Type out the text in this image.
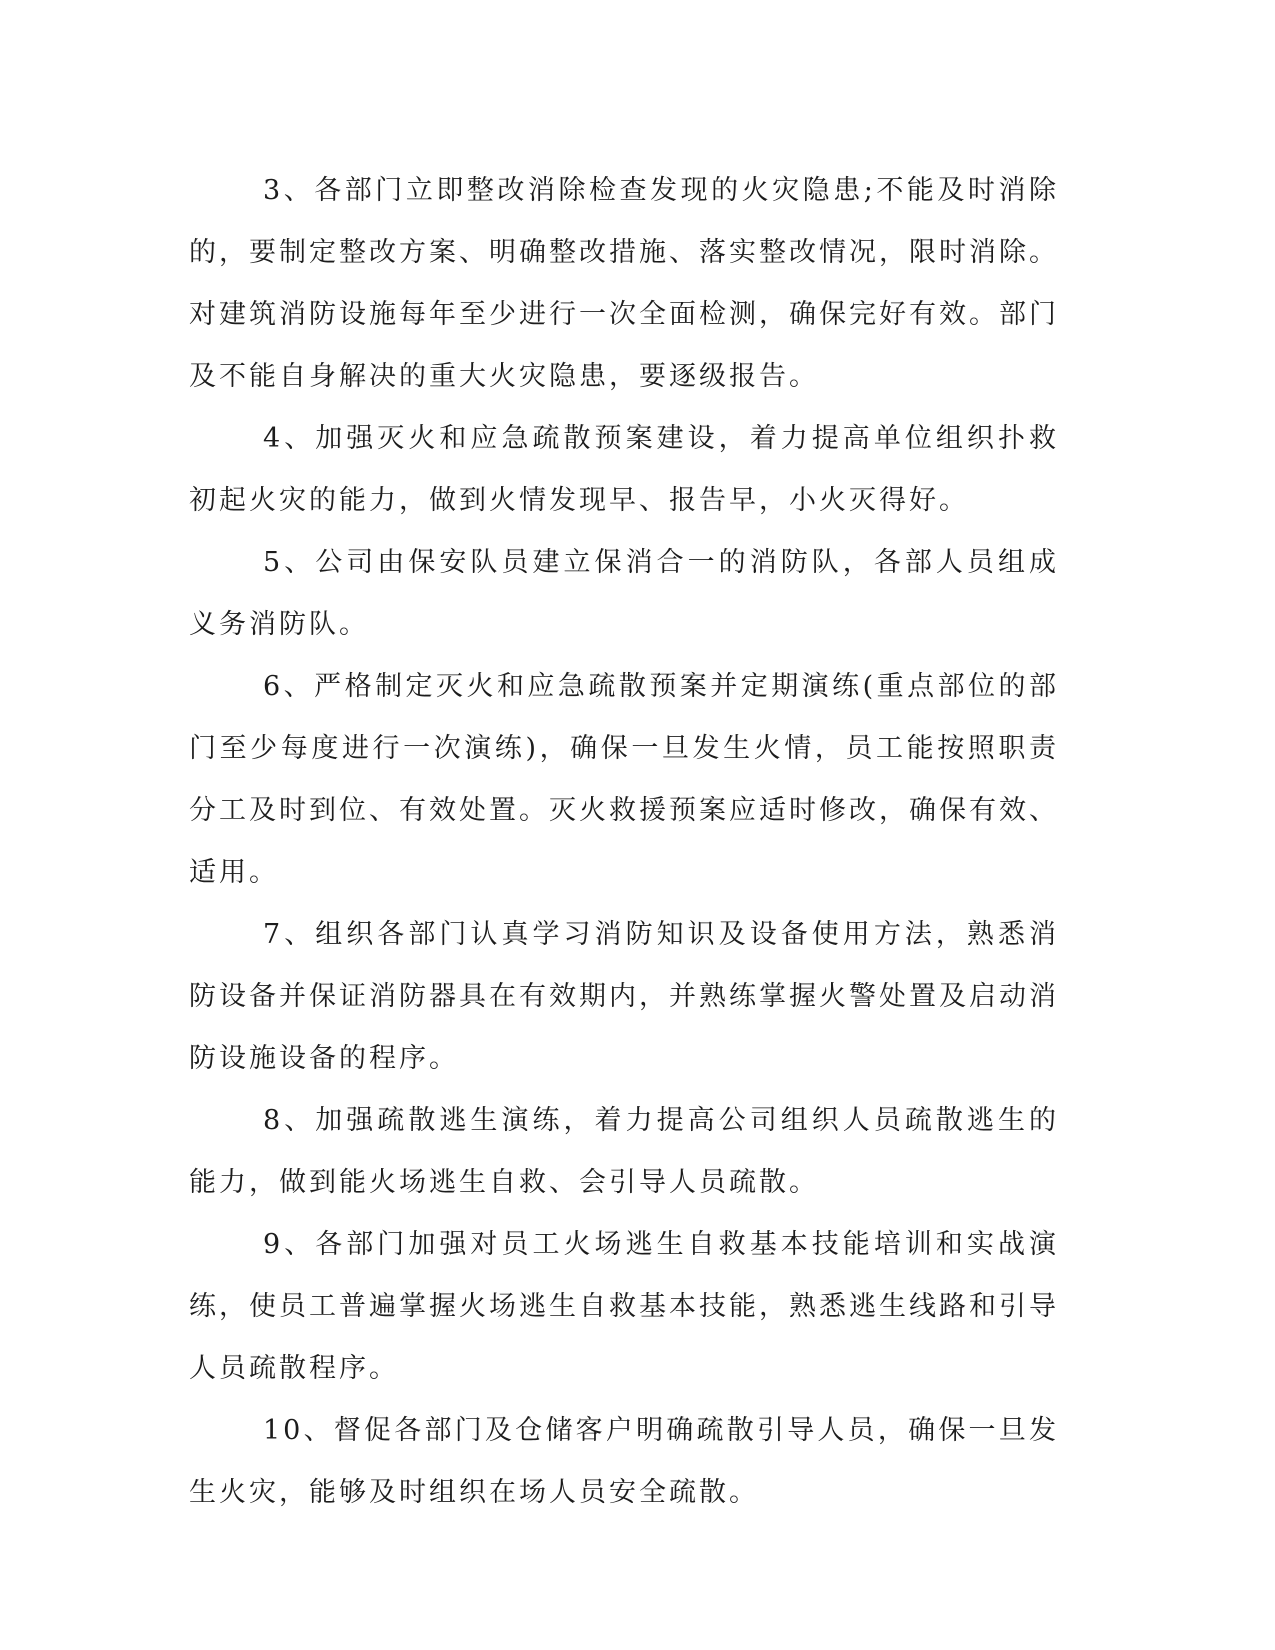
3、各部门立即整改消除检查发现的火灾隐患;不能及时消除的，要制定整改方案、明确整改措施、落实整改情况，限时消除。对建筑消防设施每年至少进行一次全面检测，确保完好有效。部门及不能自身解决的重大火灾隐患，要逐级报告。

4、加强灭火和应急疏散预案建设，着力提高单位组织扑救初起火灾的能力，做到火情发现早、报告早，小火灭得好。

5、公司由保安队员建立保消合一的消防队，各部人员组成义务消防队。

6、严格制定灭火和应急疏散预案并定期演练(重点部位的部门至少每度进行一次演练)，确保一旦发生火情，员工能按照职责分工及时到位、有效处置。灭火救援预案应适时修改，确保有效、适用。

7、组织各部门认真学习消防知识及设备使用方法，熟悉消防设备并保证消防器具在有效期内，并熟练掌握火警处置及启动消防设施设备的程序。

8、加强疏散逃生演练，着力提高公司组织人员疏散逃生的能力，做到能火场逃生自救、会引导人员疏散。

9、各部门加强对员工火场逃生自救基本技能培训和实战演练，使员工普遍掌握火场逃生自救基本技能，熟悉逃生线路和引导人员疏散程序。

10、督促各部门及仓储客户明确疏散引导人员，确保一旦发生火灾，能够及时组织在场人员安全疏散。
